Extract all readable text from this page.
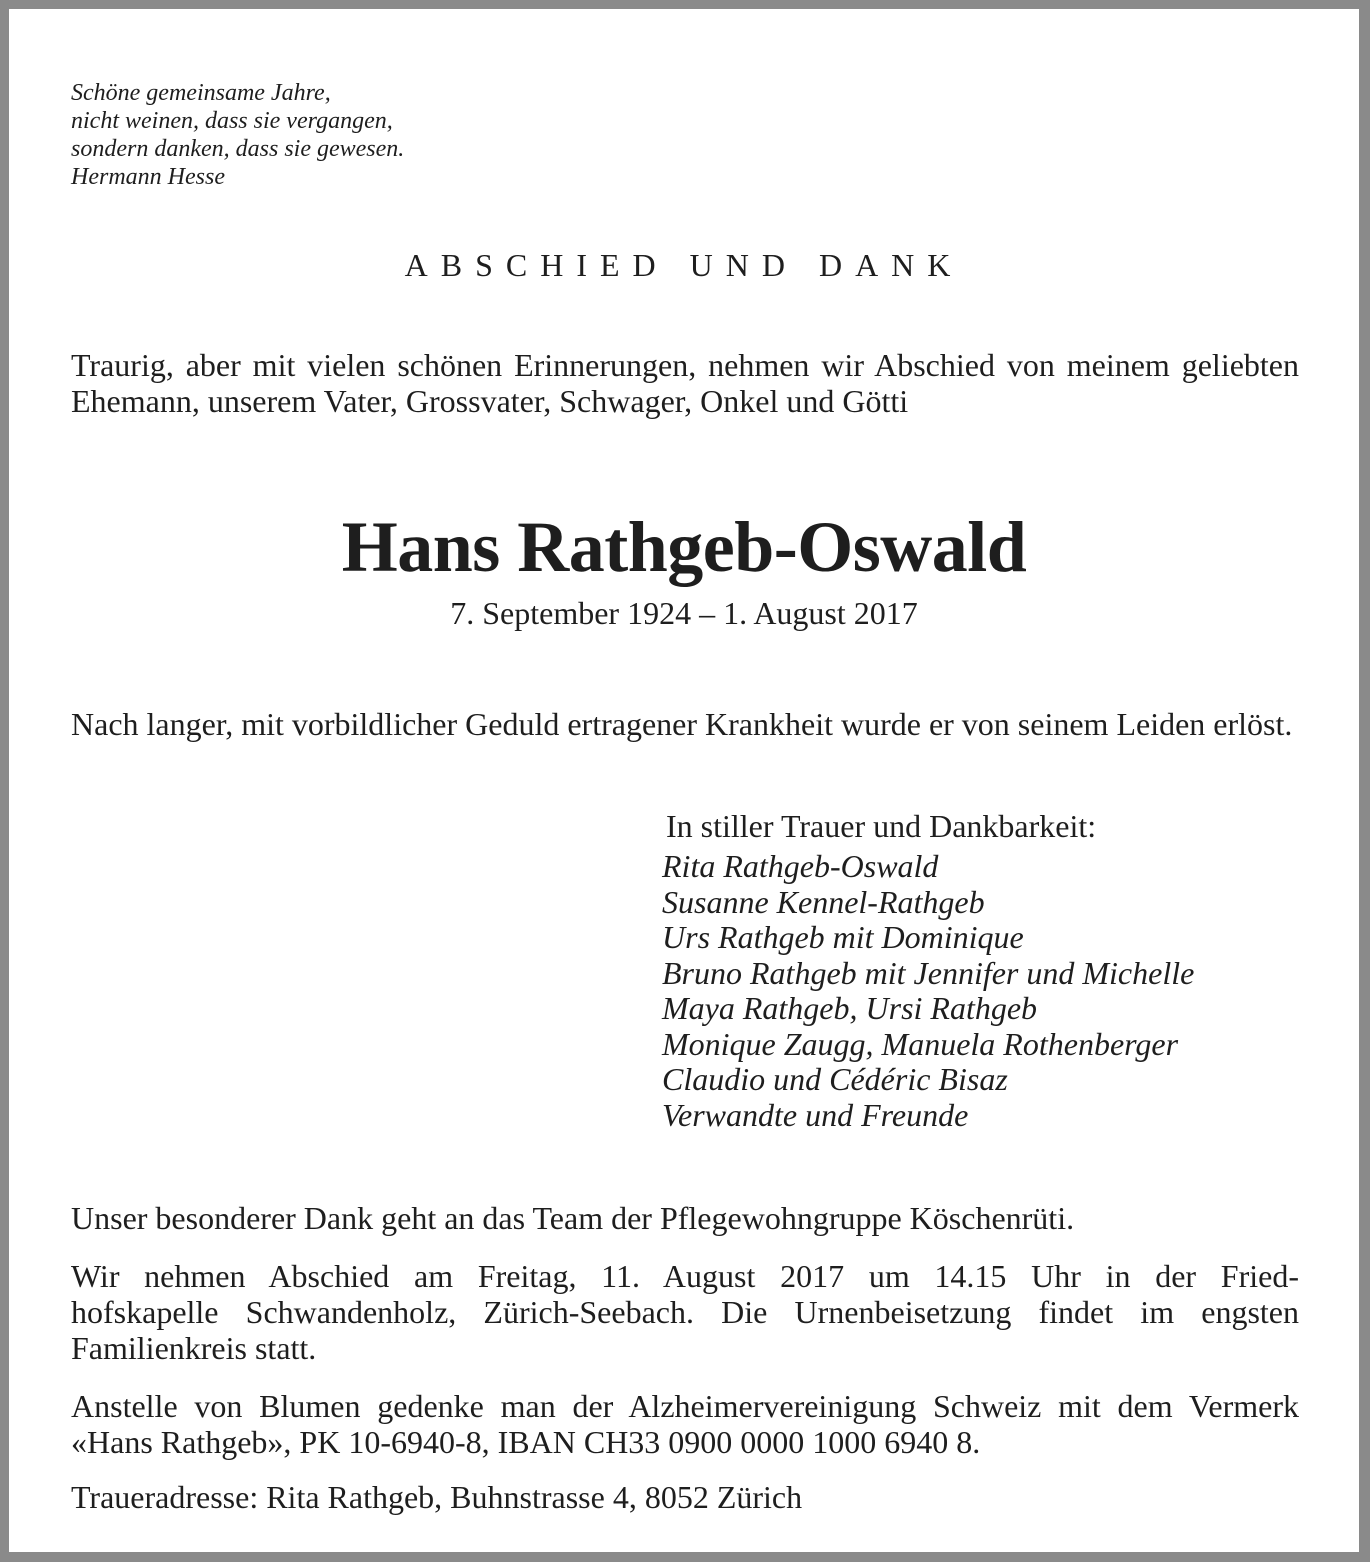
Schöne gemeinsame Jahre,
nicht weinen, dass sie vergangen,
sondern danken, dass sie gewesen.
Hermann Hesse
ABSCHIED UND DANK
Traurig, aber mit vielen schönen Erinnerungen, nehmen wir Abschied von meinem geliebten Ehemann, unserem Vater, Grossvater, Schwager, Onkel und Götti
Hans Rathgeb-Oswald
7. September 1924 – 1. August 2017
Nach langer, mit vorbildlicher Geduld ertragener Krankheit wurde er von seinem Leiden erlöst.
In stiller Trauer und Dankbarkeit:
Rita Rathgeb-Oswald
Susanne Kennel-Rathgeb
Urs Rathgeb mit Dominique
Bruno Rathgeb mit Jennifer und Michelle
Maya Rathgeb, Ursi Rathgeb
Monique Zaugg, Manuela Rothenberger
Claudio und Cédéric Bisaz
Verwandte und Freunde
Unser besonderer Dank geht an das Team der Pflegewohngruppe Köschenrüti.
Wir nehmen Abschied am Freitag, 11. August 2017 um 14.15 Uhr in der Fried-
hofskapelle Schwandenholz, Zürich-Seebach. Die Urnenbeisetzung findet im engsten Familienkreis statt.
Anstelle von Blumen gedenke man der Alzheimervereinigung Schweiz mit dem Vermerk «Hans Rathgeb», PK 10-6940-8, IBAN CH33 0900 0000 1000 6940 8.
Traueradresse: Rita Rathgeb, Buhnstrasse 4, 8052 Zürich
